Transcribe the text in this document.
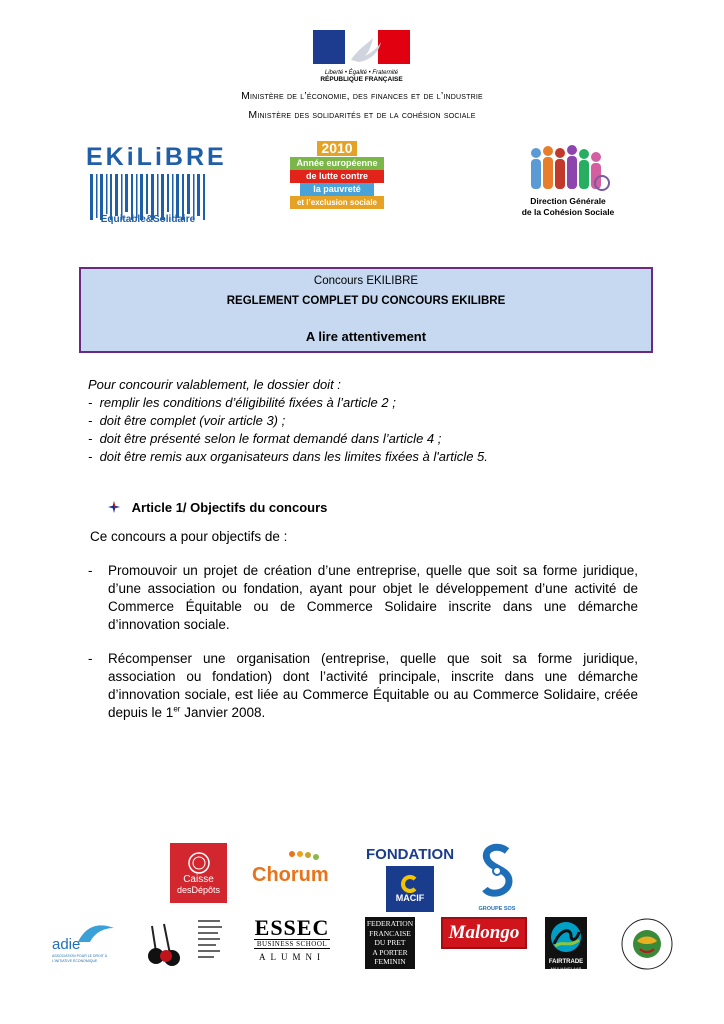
Liberté • Égalité • Fraternité
RÉPUBLIQUE FRANÇAISE
Ministère de l’économie, des finances et de l’industrie
Ministère des solidarités et de la cohésion sociale
EKiLiBRE
Equitable&Solidaire
2010
Année européenne
de lutte contre
la pauvreté
et l’exclusion sociale	Direction Générale
de la Cohésion Sociale
Concours EKILIBRE
REGLEMENT COMPLET DU CONCOURS EKILIBRE
A lire attentivement
Pour concourir valablement, le dossier doit :
-  remplir les conditions d’éligibilité fixées à l’article 2 ;
-  doit être complet (voir article 3) ;
-  doit être présenté selon le format demandé dans l’article 4 ;
-  doit être remis aux organisateurs dans les limites fixées à l'article 5.
Article 1/ Objectifs du concours
Ce concours a pour objectifs de :
- Promouvoir un projet de création d’une entreprise, quelle que soit sa forme juridique, d’une association ou fondation, ayant pour objet le développement d’une activité de Commerce Équitable ou de Commerce Solidaire inscrite dans une démarche d’innovation sociale.
- Récompenser une organisation (entreprise, quelle que soit sa forme juridique, association ou fondation) dont l’activité principale, inscrite dans une démarche d’innovation sociale, est liée au Commerce Équitable ou au Commerce Solidaire, créée depuis le 1er Janvier 2008.
Caisse
desDépôts
Chorum
FONDATION
MACIF
GROUPE SOS
adie
ASSOCIATION POUR LE DROIT À L'INITIATIVE ÉCONOMIQUE
ESSEC
BUSINESS SCHOOL
ALUMNI
FEDERATION
FRANCAISE
DU PRET
A PORTER
FEMININ
Malongo
FAIRTRADE
MAX HAVELAAR
